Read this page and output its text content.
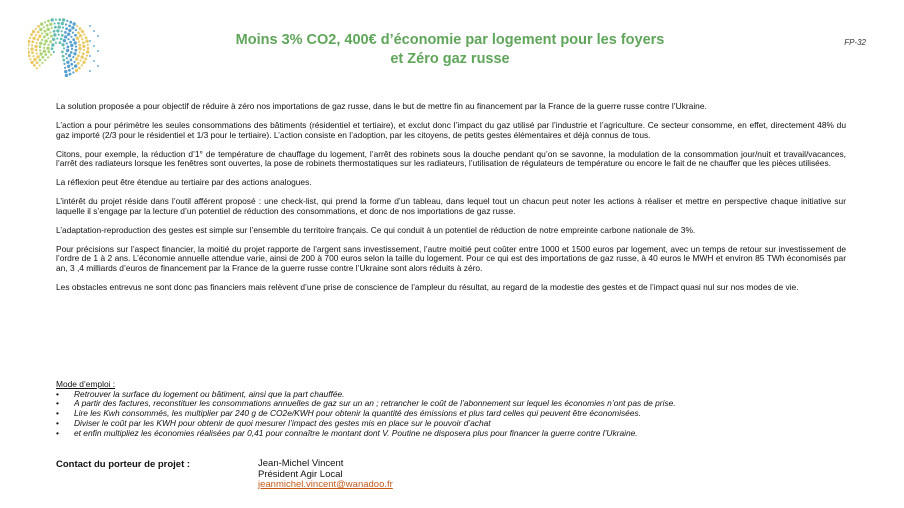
Moins 3% CO2, 400€ d’économie par logement pour les foyers
et Zéro gaz russe
FP-32

La solution proposée a pour objectif de réduire à zéro nos importations de gaz russe, dans le but de mettre fin au financement par la France de la guerre russe contre l’Ukraine.

L’action a pour périmètre les seules consommations des bâtiments (résidentiel et tertiaire), et exclut donc l’impact du gaz utilisé par l’industrie et l’agriculture. Ce secteur consomme, en effet, directement 48% du gaz importé (2/3 pour le résidentiel et 1/3 pour le tertiaire). L’action consiste en l’adoption, par les citoyens, de petits gestes élémentaires et déjà connus de tous.

Citons, pour exemple, la réduction d’1° de température de chauffage du logement, l’arrêt des robinets sous la douche pendant qu’on se savonne, la modulation de la consommation jour/nuit et travail/vacances, l’arrêt des radiateurs lorsque les fenêtres sont ouvertes, la pose de robinets thermostatiques sur les radiateurs, l’utilisation de régulateurs de température ou encore le fait de ne chauffer que les pièces utilisées.

La réflexion peut être étendue au tertiaire par des actions analogues.

L’intérêt du projet réside dans l’outil afférent proposé : une check-list, qui prend la forme d’un tableau, dans lequel tout un chacun peut noter les actions à réaliser et mettre en perspective chaque initiative sur laquelle il s’engage par la lecture d’un potentiel de réduction des consommations, et donc de nos importations de gaz russe.

L’adaptation-reproduction des gestes est simple sur l’ensemble du territoire français. Ce qui conduit à un potentiel de réduction de notre empreinte carbone nationale de 3%.

Pour précisions sur l’aspect financier, la moitié du projet rapporte de l’argent sans investissement, l’autre moitié peut coûter entre 1000 et 1500 euros par logement, avec un temps de retour sur investissement de l’ordre de 1 à 2 ans. L’économie annuelle attendue varie, ainsi de 200 à 700 euros selon la taille du logement. Pour ce qui est des importations de gaz russe, à 40 euros le MWH et environ 85 TWh économisés par an, 3 ,4 milliards d’euros de financement par la France de la guerre russe contre l’Ukraine sont alors réduits à zéro.

Les obstacles entrevus ne sont donc pas financiers mais relèvent d’une prise de conscience de l’ampleur du résultat, au regard de la modestie des gestes et de l’impact quasi nul sur nos modes de vie.

Mode d’emploi :
• Retrouver la surface du logement ou bâtiment, ainsi que la part chauffée.
• A partir des factures, reconstituer les consommations annuelles de gaz sur un an ; retrancher le coût de l’abonnement sur lequel les économies n’ont pas de prise.
• Lire les Kwh consommés, les multiplier par 240 g de CO2e/KWH pour obtenir la quantité des émissions et plus tard celles qui peuvent être économisées.
• Diviser le coût par les KWH pour obtenir de quoi mesurer l’impact des gestes mis en place sur le pouvoir d’achat
• et enfin multipliez les économies réalisées par 0,41 pour connaître le montant dont V. Poutine ne disposera plus pour financer la guerre contre l’Ukraine.
Contact du porteur de projet :	Jean-Michel Vincent
Président Agir Local
jeanmichel.vincent@wanadoo.fr
